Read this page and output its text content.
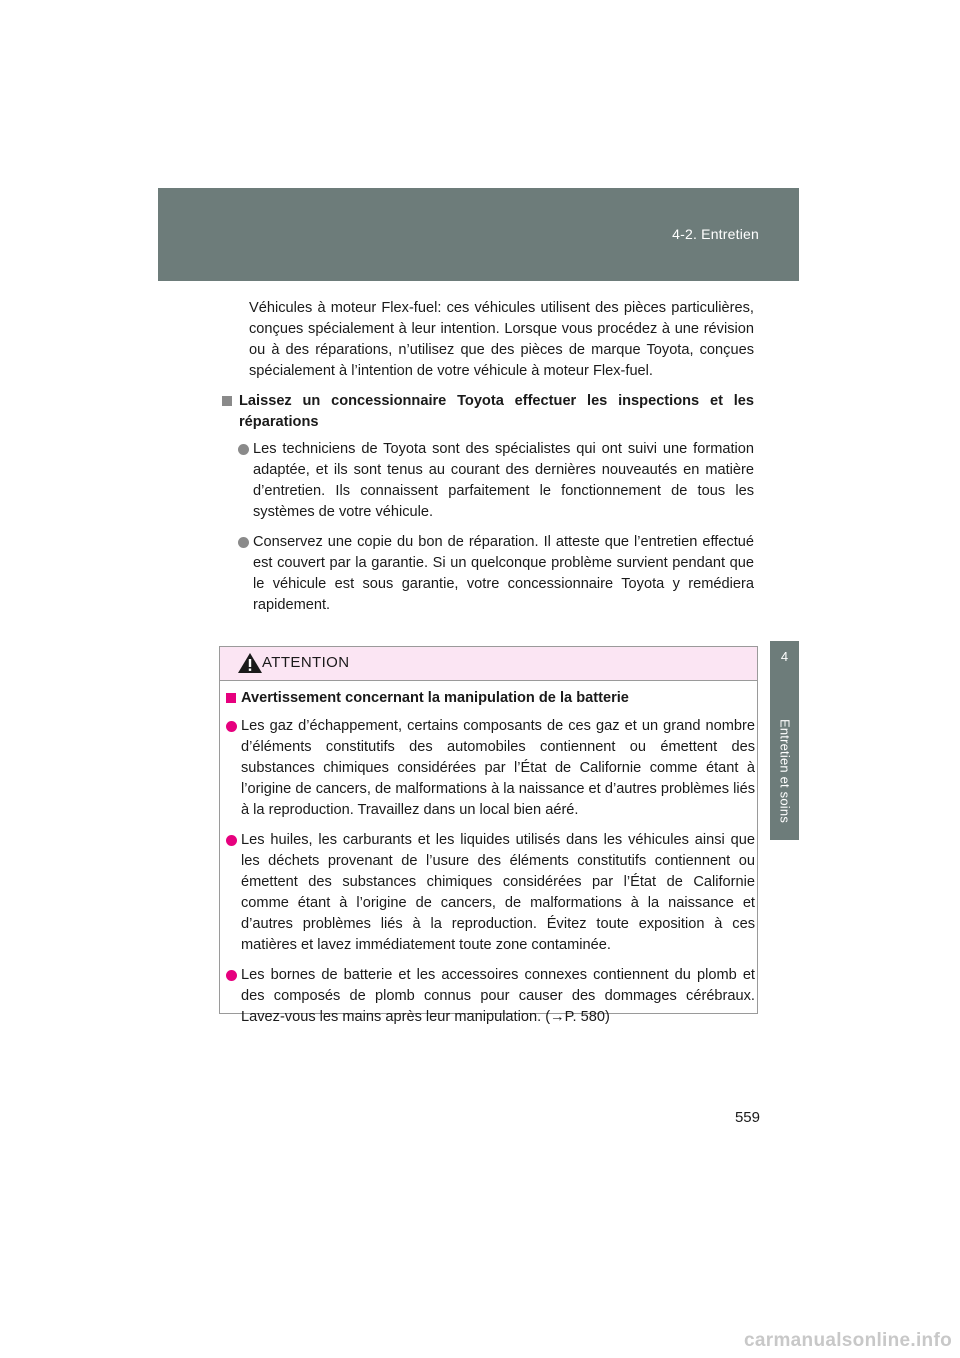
4-2. Entretien
4
Entretien et soins

Véhicules à moteur Flex-fuel: ces véhicules utilisent des pièces particulières, conçues spécialement à leur intention. Lorsque vous procédez à une révision ou à des réparations, n’utilisez que des pièces de marque Toyota, conçues spécialement à l’intention de votre véhicule à moteur Flex-fuel.

Laissez un concessionnaire Toyota effectuer les inspections et les réparations
Les techniciens de Toyota sont des spécialistes qui ont suivi une formation adaptée, et ils sont tenus au courant des dernières nouveautés en matière d’entretien. Ils connaissent parfaitement le fonctionnement de tous les systèmes de votre véhicule.
Conservez une copie du bon de réparation. Il atteste que l’entretien effectué est couvert par la garantie. Si un quelconque problème survient pendant que le véhicule est sous garantie, votre concessionnaire Toyota y remédiera rapidement.
ATTENTION
Avertissement concernant la manipulation de la batterie
Les gaz d’échappement, certains composants de ces gaz et un grand nombre d’éléments constitutifs des automobiles contiennent ou émettent des substances chimiques considérées par l’État de Californie comme étant à l’origine de cancers, de malformations à la naissance et d’autres problèmes liés à la reproduction. Travaillez dans un local bien aéré.
Les huiles, les carburants et les liquides utilisés dans les véhicules ainsi que les déchets provenant de l’usure des éléments constitutifs contiennent ou émettent des substances chimiques considérées par l’État de Californie comme étant à l’origine de cancers, de malformations à la naissance et d’autres problèmes liés à la reproduction. Évitez toute exposition à ces matières et lavez immédiatement toute zone contaminée.
Les bornes de batterie et les accessoires connexes contiennent du plomb et des composés de plomb connus pour causer des dommages cérébraux. Lavez-vous les mains après leur manipulation. (→P. 580)
559
carmanualsonline.info
